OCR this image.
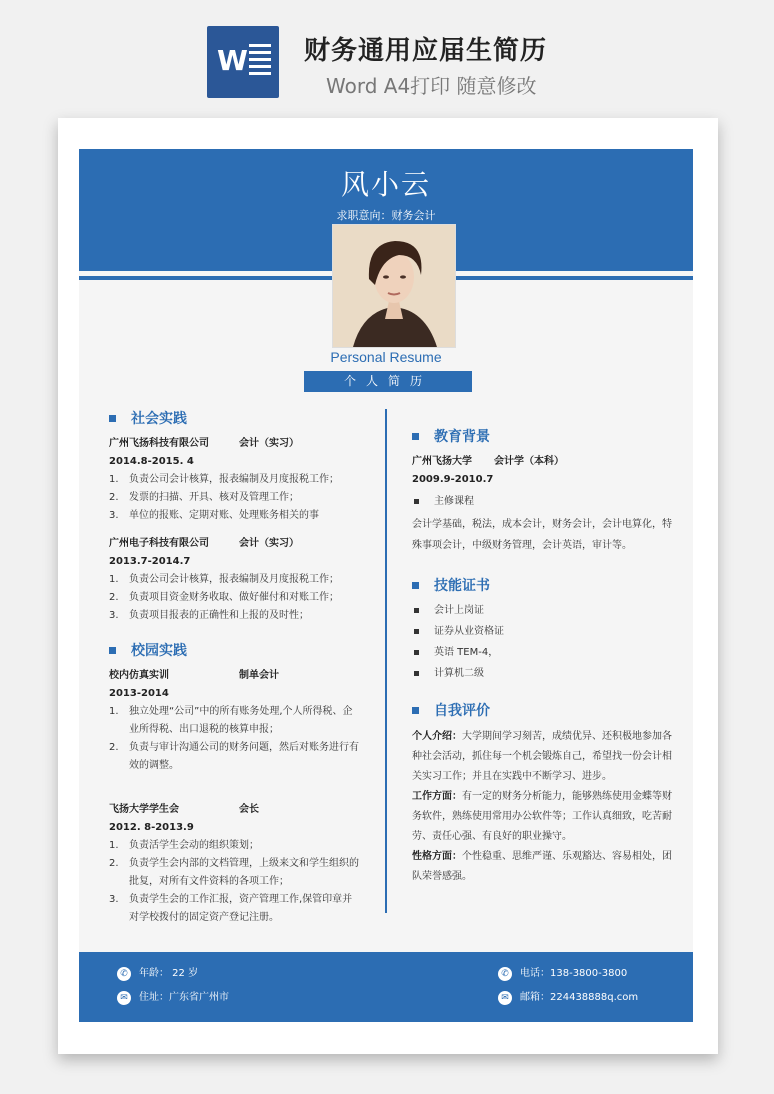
W 财务通用应届生简历
Word A4打印 随意修改
风小云
求职意向：财务会计
Personal Resume
个人简历
社会实践
广州飞扬科技有限公司	会计（实习）
2014.8-2015. 4
1. 负责公司会计核算，报表编制及月度报税工作；
2. 发票的扫描、开具、核对及管理工作；
3. 单位的报账、定期对账、处理账务相关的事
广州电子科技有限公司	会计（实习）
2013.7-2014.7
1. 负责公司会计核算，报表编制及月度报税工作；
2. 负责项目资金财务收取、做好催付和对账工作；
3. 负责项目报表的正确性和上报的及时性；
校园实践
校内仿真实训	制单会计
2013-2014
1. 独立处理“公司”中的所有账务处理,个人所得税、企业所得税、出口退税的核算申报；
2. 负责与审计沟通公司的财务问题，然后对账务进行有效的调整。
飞扬大学学生会	会长
2012. 8-2013.9
1. 负责活学生会动的组织策划；
2. 负责学生会内部的文档管理，上级来文和学生组织的批复，对所有文件资料的各项工作；
3. 负责学生会的工作汇报，资产管理工作,保管印章并对学校拨付的固定资产登记注册。
教育背景
广州飞扬大学 会计学（本科）
2009.9-2010.7
主修课程
会计学基础，税法，成本会计，财务会计，会计电算化，特殊事项会计，中级财务管理，会计英语，审计等。
技能证书
会计上岗证
证券从业资格证
英语 TEM-4，
计算机二级
自我评价
个人介绍：大学期间学习刻苦，成绩优异、还积极地参加各种社会活动，抓住每一个机会锻炼自己，希望找一份会计相关实习工作；并且在实践中不断学习、进步。
工作方面：有一定的财务分析能力，能够熟练使用金蝶等财务软件，熟练使用常用办公软件等；工作认真细致，吃苦耐劳、责任心强、有良好的职业操守。
性格方面：个性稳重、思维严谨、乐观豁达、容易相处，团队荣誉感强。
✆	年龄： 22 岁
✉	住址：广东省广州市
✆	电话：138-3800-3800
✉	邮箱：224438888q.com
